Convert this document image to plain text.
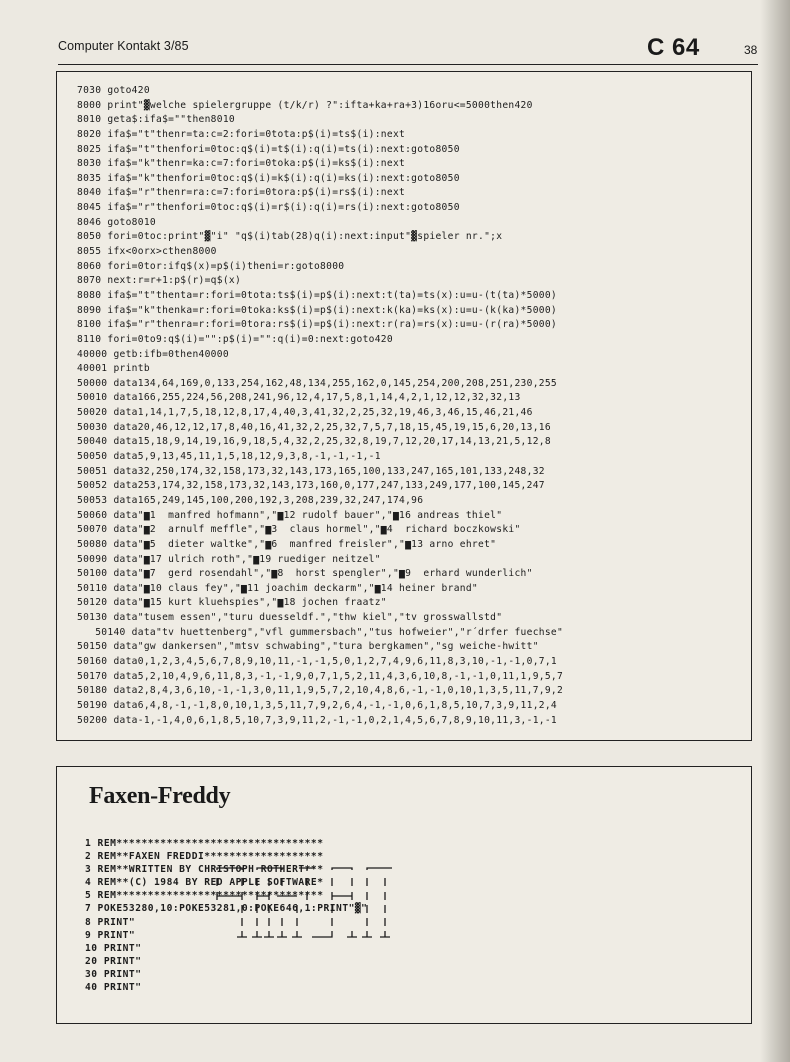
Computer Kontakt 3/85	C 64	38
7030 goto420
8000 print"▓welche spielergruppe (t/k/r) ?":ifta+ka+ra+3)16oru<=5000then420
8010 geta$:ifa$=""then8010
8020 ifa$="t"thenr=ta:c=2:fori=0tota:p$(i)=ts$(i):next
8025 ifa$="t"thenfori=0toc:q$(i)=t$(i):q(i)=ts(i):next:goto8050
8030 ifa$="k"thenr=ka:c=7:fori=0toka:p$(i)=ks$(i):next
8035 ifa$="k"thenfori=0toc:q$(i)=k$(i):q(i)=ks(i):next:goto8050
8040 ifa$="r"thenr=ra:c=7:fori=0tora:p$(i)=rs$(i):next
8045 ifa$="r"thenfori=0toc:q$(i)=r$(i):q(i)=rs(i):next:goto8050
8046 goto8010
8050 fori=0toc:print"▓"i" "q$(i)tab(28)q(i):next:input"▓spieler nr.";x
8055 ifx<0orx>cthen8000
8060 fori=0tor:ifq$(x)=p$(i)theni=r:goto8000
8070 next:r=r+1:p$(r)=q$(x)
8080 ifa$="t"thenta=r:fori=0tota:ts$(i)=p$(i):next:t(ta)=ts(x):u=u-(t(ta)*5000)
8090 ifa$="k"thenka=r:fori=0toka:ks$(i)=p$(i):next:k(ka)=ks(x):u=u-(k(ka)*5000)
8100 ifa$="r"thenra=r:fori=0tora:rs$(i)=p$(i):next:r(ra)=rs(x):u=u-(r(ra)*5000)
8110 fori=0to9:q$(i)="":p$(i)="":q(i)=0:next:goto420
40000 getb:ifb=0then40000
40001 printb
50000 data134,64,169,0,133,254,162,48,134,255,162,0,145,254,200,208,251,230,255
50010 data166,255,224,56,208,241,96,12,4,17,5,8,1,14,4,2,1,12,12,32,32,13
50020 data1,14,1,7,5,18,12,8,17,4,40,3,41,32,2,25,32,19,46,3,46,15,46,21,46
50030 data20,46,12,12,17,8,40,16,41,32,2,25,32,7,5,7,18,15,45,19,15,6,20,13,16
50040 data15,18,9,14,19,16,9,18,5,4,32,2,25,32,8,19,7,12,20,17,14,13,21,5,12,8
50050 data5,9,13,45,11,1,5,18,12,9,3,8,-1,-1,-1,-1
50051 data32,250,174,32,158,173,32,143,173,165,100,133,247,165,101,133,248,32
50052 data253,174,32,158,173,32,143,173,160,0,177,247,133,249,177,100,145,247
50053 data165,249,145,100,200,192,3,208,239,32,247,174,96
50060 data"▆1  manfred hofmann","▆12 rudolf bauer","▆16 andreas thiel"
50070 data"▆2  arnulf meffle","▆3  claus hormel","▆4  richard boczkowski"
50080 data"▆5  dieter waltke","▆6  manfred freisler","▆13 arno ehret"
50090 data"▆17 ulrich roth","▆19 ruediger neitzel"
50100 data"▆7  gerd rosendahl","▆8  horst spengler","▆9  erhard wunderlich"
50110 data"▆10 claus fey","▆11 joachim deckarm","▆14 heiner brand"
50120 data"▆15 kurt kluehspies","▆18 jochen fraatz"
50130 data"tusem essen","turu duesseldf.","thw kiel","tv grosswallstd"
50140 data"tv huettenberg","vfl gummersbach","tus hofweier","r´drfer fuechse"
50150 data"gw dankersen","mtsv schwabing","tura bergkamen","sg weiche-hwitt"
50160 data0,1,2,3,4,5,6,7,8,9,10,11,-1,-1,5,0,1,2,7,4,9,6,11,8,3,10,-1,-1,0,7,1
50170 data5,2,10,4,9,6,11,8,3,-1,-1,9,0,7,1,5,2,11,4,3,6,10,8,-1,-1,0,11,1,9,5,7
50180 data2,8,4,3,6,10,-1,-1,3,0,11,1,9,5,7,2,10,4,8,6,-1,-1,0,10,1,3,5,11,7,9,2
50190 data6,4,8,-1,-1,8,0,10,1,3,5,11,7,9,2,6,4,-1,-1,0,6,1,8,5,10,7,3,9,11,2,4
50200 data-1,-1,4,0,6,1,8,5,10,7,3,9,11,2,-1,-1,0,2,1,4,5,6,7,8,9,10,11,3,-1,-1
Faxen-Freddy
1 REM*********************************
2 REM**FAXEN FREDDI*******************
3 REM**WRITTEN BY CHRISTOPH ROTHERT***
4 REM**(C) 1984 BY RED APPLE SOFTWARE*
5 REM*********************************
7 POKE53280,10:POKE53281,0:POKE646,1:PRINT"▓"
8 PRINT"
9 PRINT"
10 PRINT"
20 PRINT"
30 PRINT"
40 PRINT"
